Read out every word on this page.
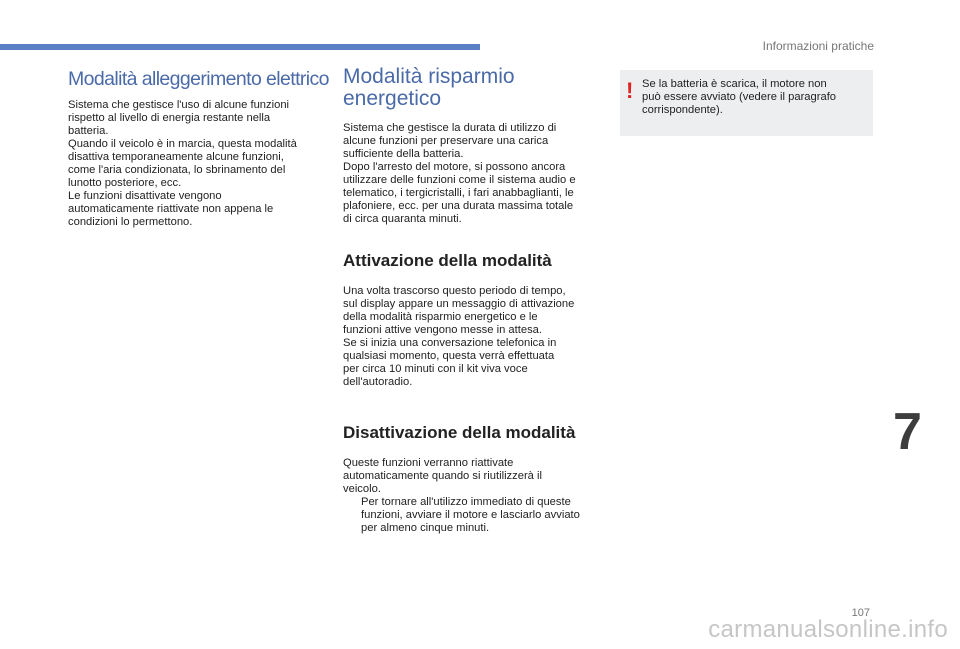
Informazioni pratiche
Modalità alleggerimento elettrico

Sistema che gestisce l'uso di alcune funzioni
rispetto al livello di energia restante nella
batteria.
Quando il veicolo è in marcia, questa modalità
disattiva temporaneamente alcune funzioni,
come l'aria condizionata, lo sbrinamento del
lunotto posteriore, ecc.
Le funzioni disattivate vengono
automaticamente riattivate non appena le
condizioni lo permettono.

Modalità risparmio
energetico

Sistema che gestisce la durata di utilizzo di
alcune funzioni per preservare una carica
sufficiente della batteria.
Dopo l'arresto del motore, si possono ancora
utilizzare delle funzioni come il sistema audio e
telematico, i tergicristalli, i fari anabbaglianti, le
plafoniere, ecc. per una durata massima totale
di circa quaranta minuti.

Attivazione della modalità

Una volta trascorso questo periodo di tempo,
sul display appare un messaggio di attivazione
della modalità risparmio energetico e le
funzioni attive vengono messe in attesa.
Se si inizia una conversazione telefonica in
qualsiasi momento, questa verrà effettuata
per circa 10 minuti con il kit viva voce
dell'autoradio.

Disattivazione della modalità

Queste funzioni verranno riattivate
automaticamente quando si riutilizzerà il
veicolo.

Per tornare all'utilizzo immediato di queste
funzioni, avviare il motore e lasciarlo avviato
per almeno cinque minuti.
! Se la batteria è scarica, il motore non
può essere avviato (vedere il paragrafo
corrispondente).
7
107
carmanualsonline.info
